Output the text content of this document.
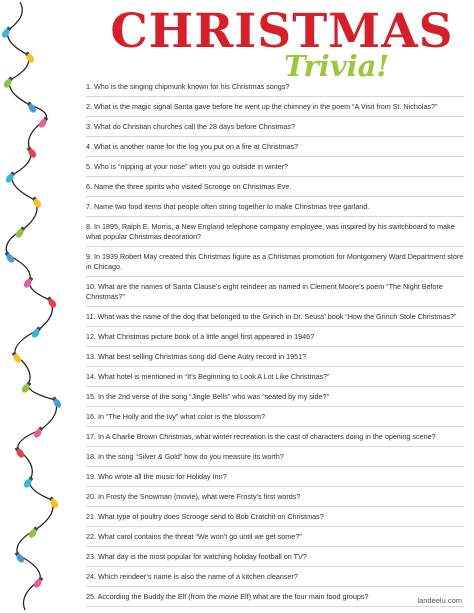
CHRISTMAS
Trivia!
1. Who is the singing chipmunk known for his Christmas songs?
2. What is the magic signal Santa gave before he went up the chimney in the poem “A Visit from St. Nicholas?”
3. What do Christian churches call the 28 days before Christmas?
4. What is another name for the log you put on a fire at Christmas?
5. Who is “nipping at your nose” when you go outside in winter?
6. Name the three spirits who visited Scrooge on Christmas Eve.
7. Name two food items that people often string together to make Christmas tree garland.
8. In 1895, Ralph E. Morris, a New England telephone company employee, was inspired by his switchboard to make what popular Christmas decoration?
9. In 1939 Robert May created this Christmas figure as a Christmas promotion for Montgomery Ward Department store in Chicago.
10. What are the names of Santa Clause’s eight reindeer as named in Clement Moore’s poem “The Night Before Christmas?”
11. What was the name of the dog that belonged to the Grinch in Dr. Seuss’ book “How the Grinch Stole Christmas?”
12. What Christmas picture book of a little angel first appeared in 1946?
13. What best selling Christmas song did Gene Autry record in 1951?
14. What hotel is mentioned in “It’s Beginning to Look A Lot Like Christmas?”
15. In the 2nd verse of the song “Jingle Bells” who was “seated by my side?”
16. In “The Holly and the Ivy” what color is the blossom?
17. In A Charlie Brown Christmas, what winter recreation is the cast of characters doing in the opening scene?
18. In the song “Silver & Gold” how do you measure its worth?
19. Who wrote all the music for Holiday Inn?
20. In Frosty the Snowman (movie), what were Frosty’s first words?
21. What type of poultry does Scrooge send to Bob Cratchit on Christmas?
22. What carol contains the threat “We won’t go until we get some?”
23. What day is the most popular for watching holiday football on TV?
24. Which reindeer’s name is also the name of a kitchen cleanser?
25. According the Buddy the Elf (from the movie Elf) what are the four main food groups?	landeelu.com
